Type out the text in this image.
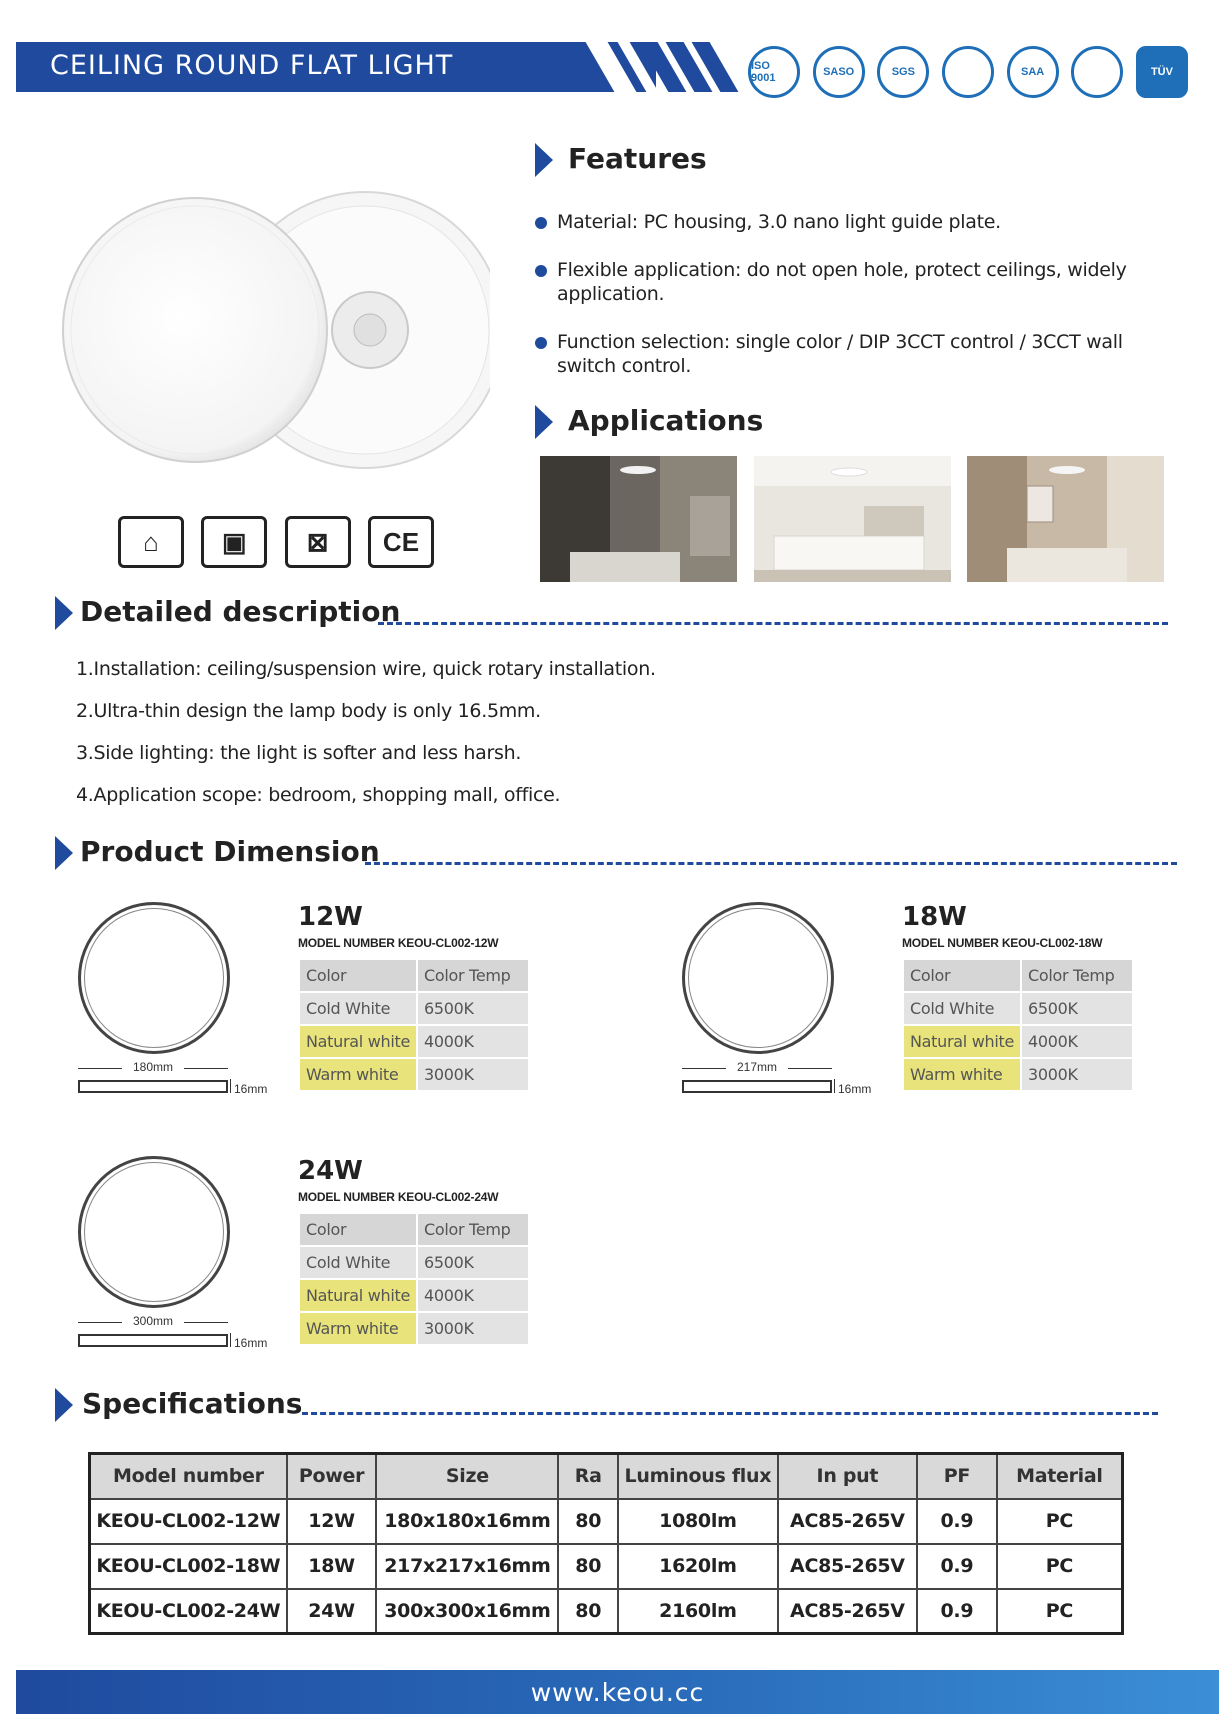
CEILING ROUND FLAT LIGHT	ISO 9001	SASO	SGS	SAA	TÜV
⌂	▣	⊠	CE
Features
Material: PC housing, 3.0 nano light guide plate.
Flexible application: do not open hole, protect ceilings, widely application.
Function selection: single color / DIP 3CCT control / 3CCT wall switch control.
Applications
Detailed description
1.Installation: ceiling/suspension wire, quick rotary installation.
2.Ultra-thin design the lamp body is only 16.5mm.
3.Side lighting: the light is softer and less harsh.
4.Application scope: bedroom, shopping mall, office.
Product Dimension
180mm
16mm
12W
MODEL NUMBER KEOU-CL002-12W
Color	Color Temp
Cold White	6500K
Natural white	4000K
Warm white	3000K	217mm
16mm
18W
MODEL NUMBER KEOU-CL002-18W
Color	Color Temp
Cold White	6500K
Natural white	4000K
Warm white	3000K
300mm
16mm
24W
MODEL NUMBER KEOU-CL002-24W
Color	Color Temp
Cold White	6500K
Natural white	4000K
Warm white	3000K
Specifications
Model number	Power	Size	Ra	Luminous flux	In put	PF	Material
KEOU-CL002-12W	12W	180x180x16mm	80	1080lm	AC85-265V	0.9	PC
KEOU-CL002-18W	18W	217x217x16mm	80	1620lm	AC85-265V	0.9	PC
KEOU-CL002-24W	24W	300x300x16mm	80	2160lm	AC85-265V	0.9	PC
www.keou.cc
